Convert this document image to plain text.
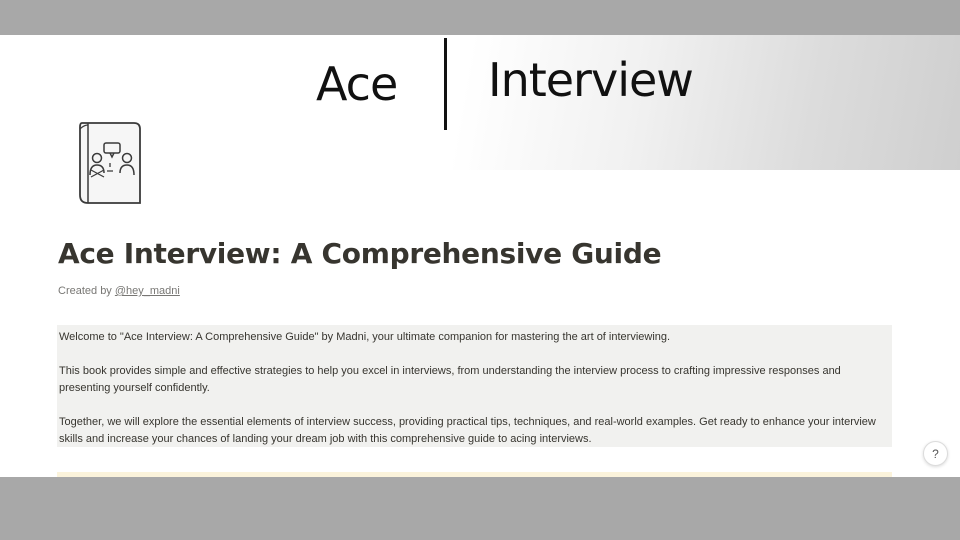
Ace Interview
Ace Interview: A Comprehensive Guide
Created by @hey_madni

Welcome to "Ace Interview: A Comprehensive Guide" by Madni, your ultimate companion for mastering the art of interviewing.

This book provides simple and effective strategies to help you excel in interviews, from understanding the interview process to crafting impressive responses and presenting yourself confidently.

Together, we will explore the essential elements of interview success, providing practical tips, techniques, and real-world examples. Get ready to enhance your interview skills and increase your chances of landing your dream job with this comprehensive guide to acing interviews.

?
